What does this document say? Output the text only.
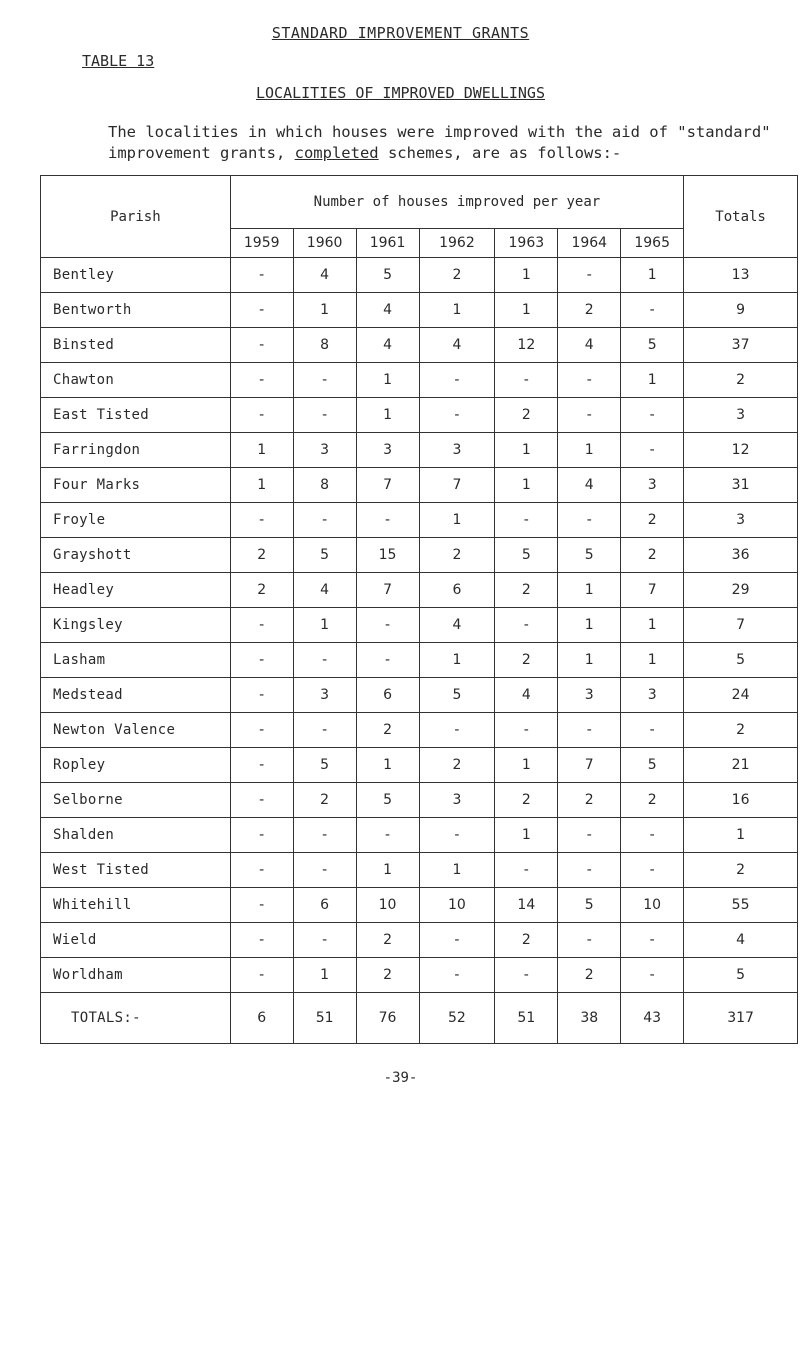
STANDARD IMPROVEMENT GRANTS
TABLE 13
LOCALITIES OF IMPROVED DWELLINGS
The localities in which houses were improved with the aid of "standard" improvement grants, completed schemes, are as follows:-
Parish	Number of houses improved per year							Totals
	1959	1960	1961	1962	1963	1964	1965	
Bentley	-	4	5	2	1	-	1	13
Bentworth	-	1	4	1	1	2	-	9
Binsted	-	8	4	4	12	4	5	37
Chawton	-	-	1	-	-	-	1	2
East Tisted	-	-	1	-	2	-	-	3
Farringdon	1	3	3	3	1	1	-	12
Four Marks	1	8	7	7	1	4	3	31
Froyle	-	-	-	1	-	-	2	3
Grayshott	2	5	15	2	5	5	2	36
Headley	2	4	7	6	2	1	7	29
Kingsley	-	1	-	4	-	1	1	7
Lasham	-	-	-	1	2	1	1	5
Medstead	-	3	6	5	4	3	3	24
Newton Valence	-	-	2	-	-	-	-	2
Ropley	-	5	1	2	1	7	5	21
Selborne	-	2	5	3	2	2	2	16
Shalden	-	-	-	-	1	-	-	1
West Tisted	-	-	1	1	-	-	-	2
Whitehill	-	6	10	10	14	5	10	55
Wield	-	-	2	-	2	-	-	4
Worldham	-	1	2	-	-	2	-	5
TOTALS:-	6	51	76	52	51	38	43	317
-39-
